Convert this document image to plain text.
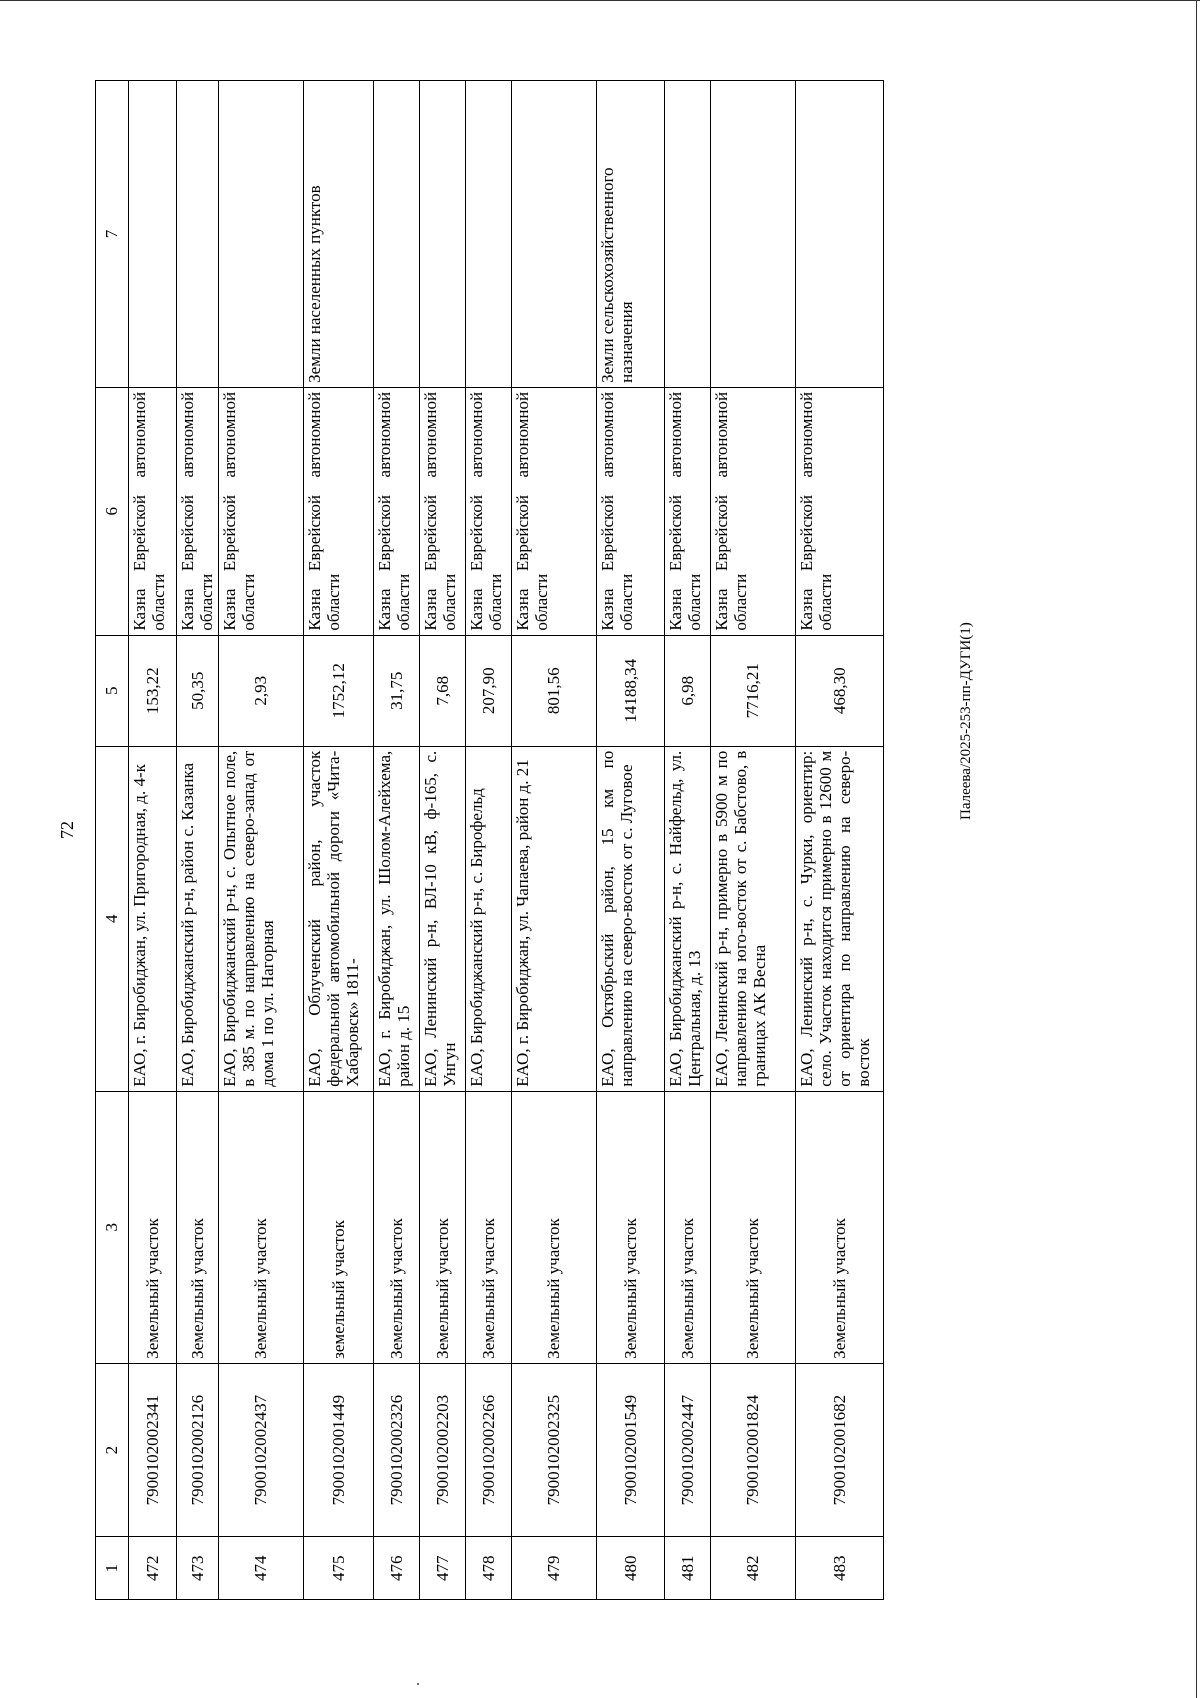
72
1	2	3	4	5	6	7
472	7900102002341	Земельный участок	ЕАО, г. Биробиджан, ул. Пригородная, д. 4-к	153,22	Казна Еврейской автономной области	
473	7900102002126	Земельный участок	ЕАО, Биробиджанский р-н, район с. Казанка	50,35	Казна Еврейской автономной области	
474	7900102002437	Земельный участок	ЕАО, Биробиджанский р-н, с. Опытное поле, в 385 м. по направлению на северо-запад от дома 1 по ул. Нагорная	2,93	Казна Еврейской автономной области	
475	7900102001449	земельный участок	ЕАО, Облученский район, участок федеральной автомобильной дороги «Чита-Хабаровск» 1811-	1752,12	Казна Еврейской автономной области	Земли населенных пунктов
476	7900102002326	Земельный участок	ЕАО, г. Биробиджан, ул. Шолом-Алейхема, район д. 15	31,75	Казна Еврейской автономной области	
477	7900102002203	Земельный участок	ЕАО, Ленинский р-н, ВЛ-10 кВ, ф-165, с. Унгун	7,68	Казна Еврейской автономной области	
478	7900102002266	Земельный участок	ЕАО, Биробиджанский р-н, с. Бирофельд	207,90	Казна Еврейской автономной области	
479	7900102002325	Земельный участок	ЕАО, г. Биробиджан, ул. Чапаева, район д. 21	801,56	Казна Еврейской автономной области	
480	7900102001549	Земельный участок	ЕАО, Октябрьский район, 15 км по направлению на северо-восток от с. Луговое	14188,34	Казна Еврейской автономной области	Земли сельскохозяйственного назначения
481	7900102002447	Земельный участок	ЕАО, Биробиджанский р-н, с. Найфельд, ул. Центральная, д. 13	6,98	Казна Еврейской автономной области	
482	7900102001824	Земельный участок	ЕАО, Ленинский р-н, примерно в 5900 м по направлению на юго-восток от с. Бабстово, в границах АК Весна	7716,21	Казна Еврейской автономной области	
483	7900102001682	Земельный участок	ЕАО, Ленинский р-н, с. Чурки, ориентир: село. Участок находится примерно в 12600 м от ориентира по направлению на северо-восток	468,30	Казна Еврейской автономной области	
Палеева/2025-253-пп-ДУГИ(1)
